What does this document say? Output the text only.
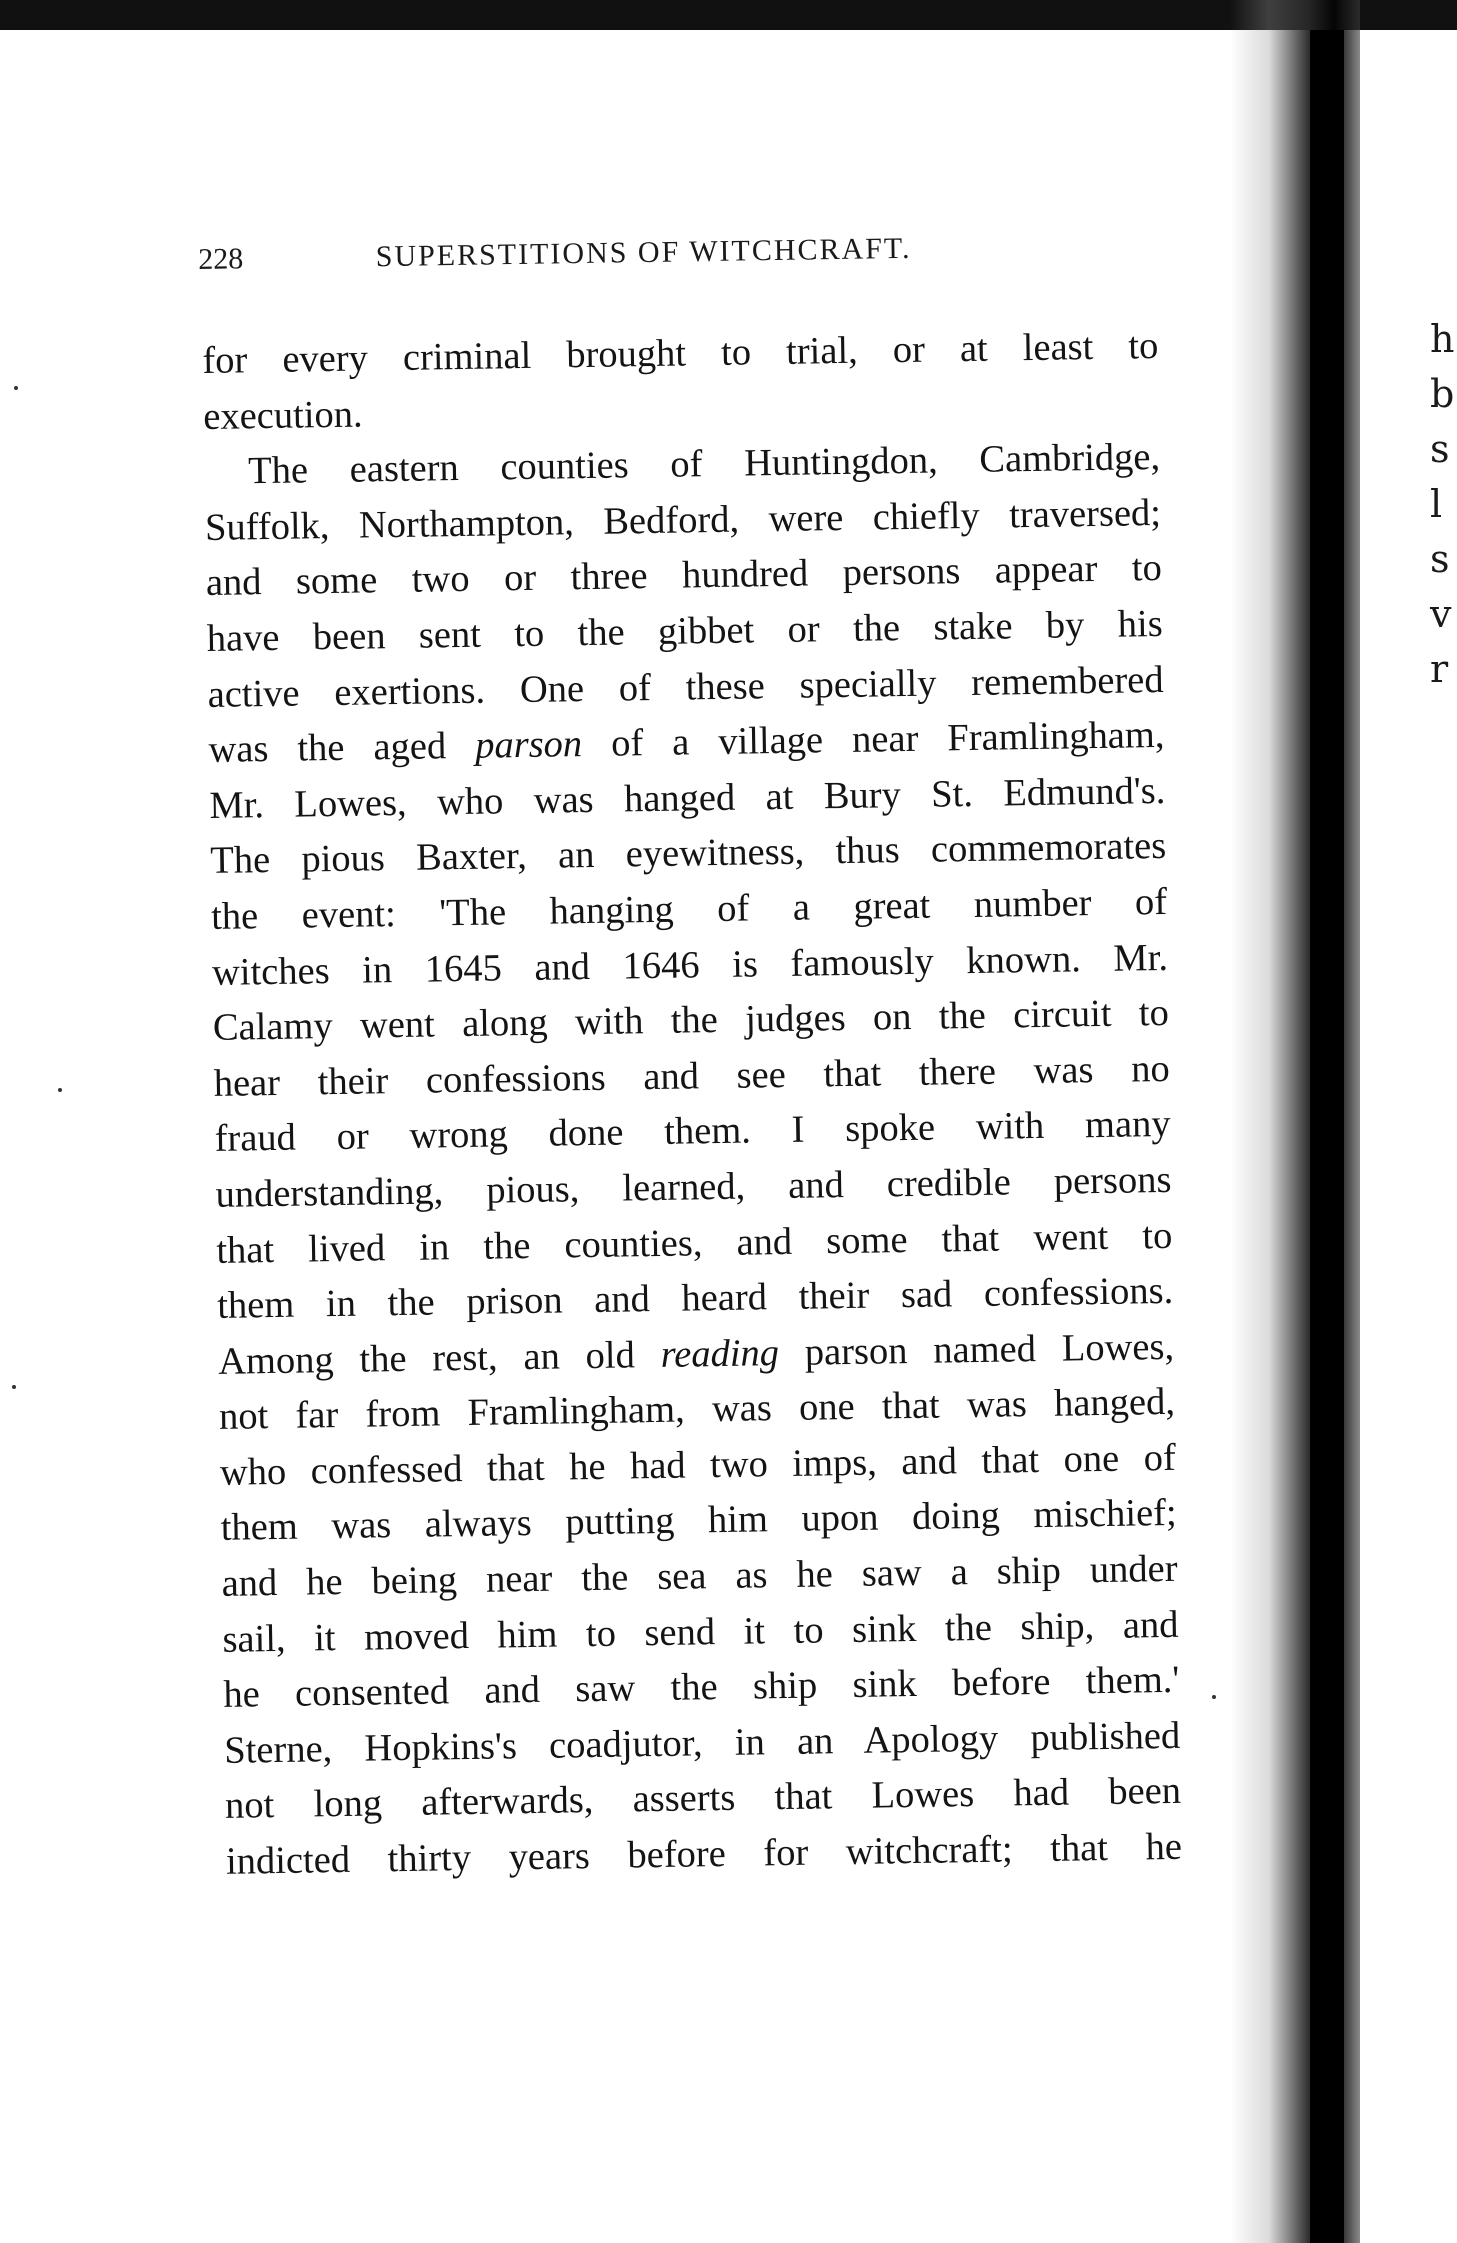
h
b
s
l
s
v
r
228	SUPERSTITIONS OF WITCHCRAFT.
for every criminal brought to trial, or at least to
execution.
The eastern counties of Huntingdon, Cambridge,
Suffolk, Northampton, Bedford, were chiefly traversed;
and some two or three hundred persons appear to
have been sent to the gibbet or the stake by his
active exertions. One of these specially remembered
was the aged parson of a village near Framlingham,
Mr. Lowes, who was hanged at Bury St. Edmund's.
The pious Baxter, an eyewitness, thus commemorates
the event: 'The hanging of a great number of
witches in 1645 and 1646 is famously known. Mr.
Calamy went along with the judges on the circuit to
hear their confessions and see that there was no
fraud or wrong done them. I spoke with many
understanding, pious, learned, and credible persons
that lived in the counties, and some that went to
them in the prison and heard their sad confessions.
Among the rest, an old reading parson named Lowes,
not far from Framlingham, was one that was hanged,
who confessed that he had two imps, and that one of
them was always putting him upon doing mischief;
and he being near the sea as he saw a ship under
sail, it moved him to send it to sink the ship, and
he consented and saw the ship sink before them.'
Sterne, Hopkins's coadjutor, in an Apology published
not long afterwards, asserts that Lowes had been
indicted thirty years before for witchcraft; that he
